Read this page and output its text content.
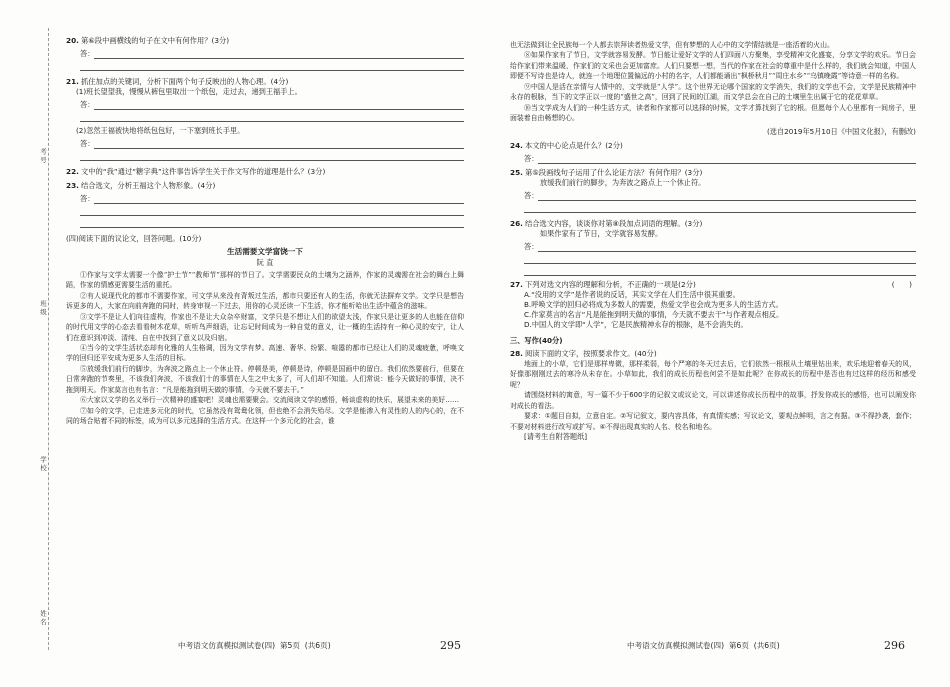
考号
班级
学校
姓名
20. 第⑥段中画横线的句子在文中有何作用？(3分)
答：
21. 抓住加点的关键词，分析下面两个句子反映出的人物心理。(4分)
(1)班长望望我，慢慢从裤包里取出一个纸包，走过去，递到王福手上。
答：
(2)忽然王福被快地将纸包包好，一下塞到班长手里。
答：
22. 文中的“我”通过“糖字典”这件事告诉学生关于作文写作的道理是什么？(3分)
23. 结合选文，分析王福这个人物形象。(4分)
答：
(四)阅读下面的议论文，回答问题。(10分)
生活需要文学富饶一下
阮 直
①作家与文学太需要一个像“护士节”“教师节”那样的节日了。文学需要民众的土壤为之涵养，作家的灵魂需在社会的舞台上舞蹈，作家的情感更需要生活的重托。
②有人说现代化的都市不需要作家，可文学从来没有背叛过生活，都市只要还有人的生活，你就无法摒弃文学。文学只是想告诉更多的人，大家在向前奔跑的同时，转身审视一下过去，用你的心灵还读一下生活，你才能听哈出生活中蕴含的滋味。
③文学不是让人们向往虚构，作家也不是让大众杂卒财富，文学只是不想让人们的欲望太浅，作家只是让更多的人也能在信仰的时代用文学的心态去看看树木花草，听听鸟声细语，让忘记时间成为一种自觉的意义，让一概的生活持有一种心灵的安宁，让人们在意识到冲淡、清纯、自在中找到了意义以及归宿。
④当今的文学生活状态却有化雅的人生格调，因为文学有梦。高速、奢华、纷繁、喧嚣的都市已经让人们的灵魂疲惫，呼唤文学的回归还平安成为更多人生活的目标。
⑤放缓我们前行的脚步，为奔波之路点上一个休止符。停顿是美，停顿是诗，停顿是国画中的留白。我们依然要前行，但要在日常奔跑的节奏里，不该我们奔波，不该我们十的事情在人生之中太多了，可人们却不知道。人们常说：能今天做好的事情，决不拖到明天。作家莫言也有名言：“凡是能拖到明天做的事情，今天就不要去干。”
⑥大家以文学的名义举行一次精神的盛宴吧！灵魂也需要聚会。交流阅读文学的感悟，畅谈虚构的快乐，展望未来的美好……
⑦如今的文学，已走进多元化的时代，它虽然没有鸳鸯化领，但也绝不会消失殆尽。文学是能渗入有灵性的人的内心的，在不同的场合贴着不同的标签，成为可以多元选择的生活方式。在这样一个多元化的社会，谁
也无法做到让全民族每一个人都去崇拜读者热爱文学，但有梦想的人心中的文学情结就是一座活着的火山。
⑧如果作家有了节日，文学就容易发酵。节日能让爱好文学的人们四面八方聚集，享受精神文化盛宴，分享文学的欢乐。节日会给作家们带来温暖，作家们的文采也会更加富庶。人们只要想一想，当代的作家在社会的尊重中是什么样的，我们就会知道，中国人即便不写诗也是诗人，就连一个地理位置偏远的小村的名字，人们都能诵出“枫桥秋月”“周庄水乡”“乌镇晚霞”等诗意一样的名称。
⑨中国人是活在亲情与人情中的，文学就是“人学”。这个世界无论哪个国家的文学消失，我们的文学也不会，文学是民族精神中永存的根脉，当下的文学正以一度的“盛世之高”，回到了民间的江湖，而文学总会在自己的土壤里生出属于它的花花草草。
⑩当文学成为人们的一种生活方式，读者和作家都可以选择的时候，文学才算找到了它的根。但愿每个人心里都有一间房子，里面装着自由畅想的心。
(选自2019年5月10日《中国文化报》，有删改)
24. 本文的中心论点是什么？(2分)
答：
25. 第⑤段画线句子运用了什么论证方法？有何作用？(3分)
放缓我们前行的脚步，为奔波之路点上一个休止符。
答：
26. 结合选文内容，谈谈你对第⑧段加点词语的理解。(3分)
如果作家有了节日，文学就容易发酵。
答：
27. 下列对选文内容的理解和分析，不正确的一项是(2分)	(　　)
A.“没用的文学”是作者说的反话，其实文学在人们生活中很其重要。
B.呼唤文学的回归必将成为多数人的需要，热爱文学也会成为更多人的生活方式。
C.作家莫言的名言“凡是能拖到明天做的事情，今天就不要去干”与作者观点相反。
D.中国人的文学即“人学”，它是民族精神永存的根脉，是不会消失的。
三、写作(40分)
28. 阅读下面的文字，按照要求作文。(40分)
地面上的小草，它们是那样卑微，那样柔弱，每个严寒的冬天过去后，它们依然一根根从土壤里钻出来，欢乐地迎着春天的风，好像那刚刚过去的寒冷从未存在。小草如此，我们的成长历程也何尝不是如此呢？在你成长的历程中是否也有过这样的经历和感受呢？
请围绕材料的寓意，写一篇不少于600字的记叙文或议论文，可以讲述你成长历程中的故事，抒发你成长的感悟，也可以阐发你对成长的看法。
要求：①题目自拟，立意自定。②写记叙文，要内容具体，有真情实感；写议论文，要观点鲜明，言之有据。③不得抄袭，套作；不要对材料进行改写或扩写。④不得出现真实的人名、校名和地名。
[请考生自附答题纸]
中考语文仿真模拟测试卷(四) 第5页 (共6页)	295	中考语文仿真模拟测试卷(四) 第6页 (共6页)	296
